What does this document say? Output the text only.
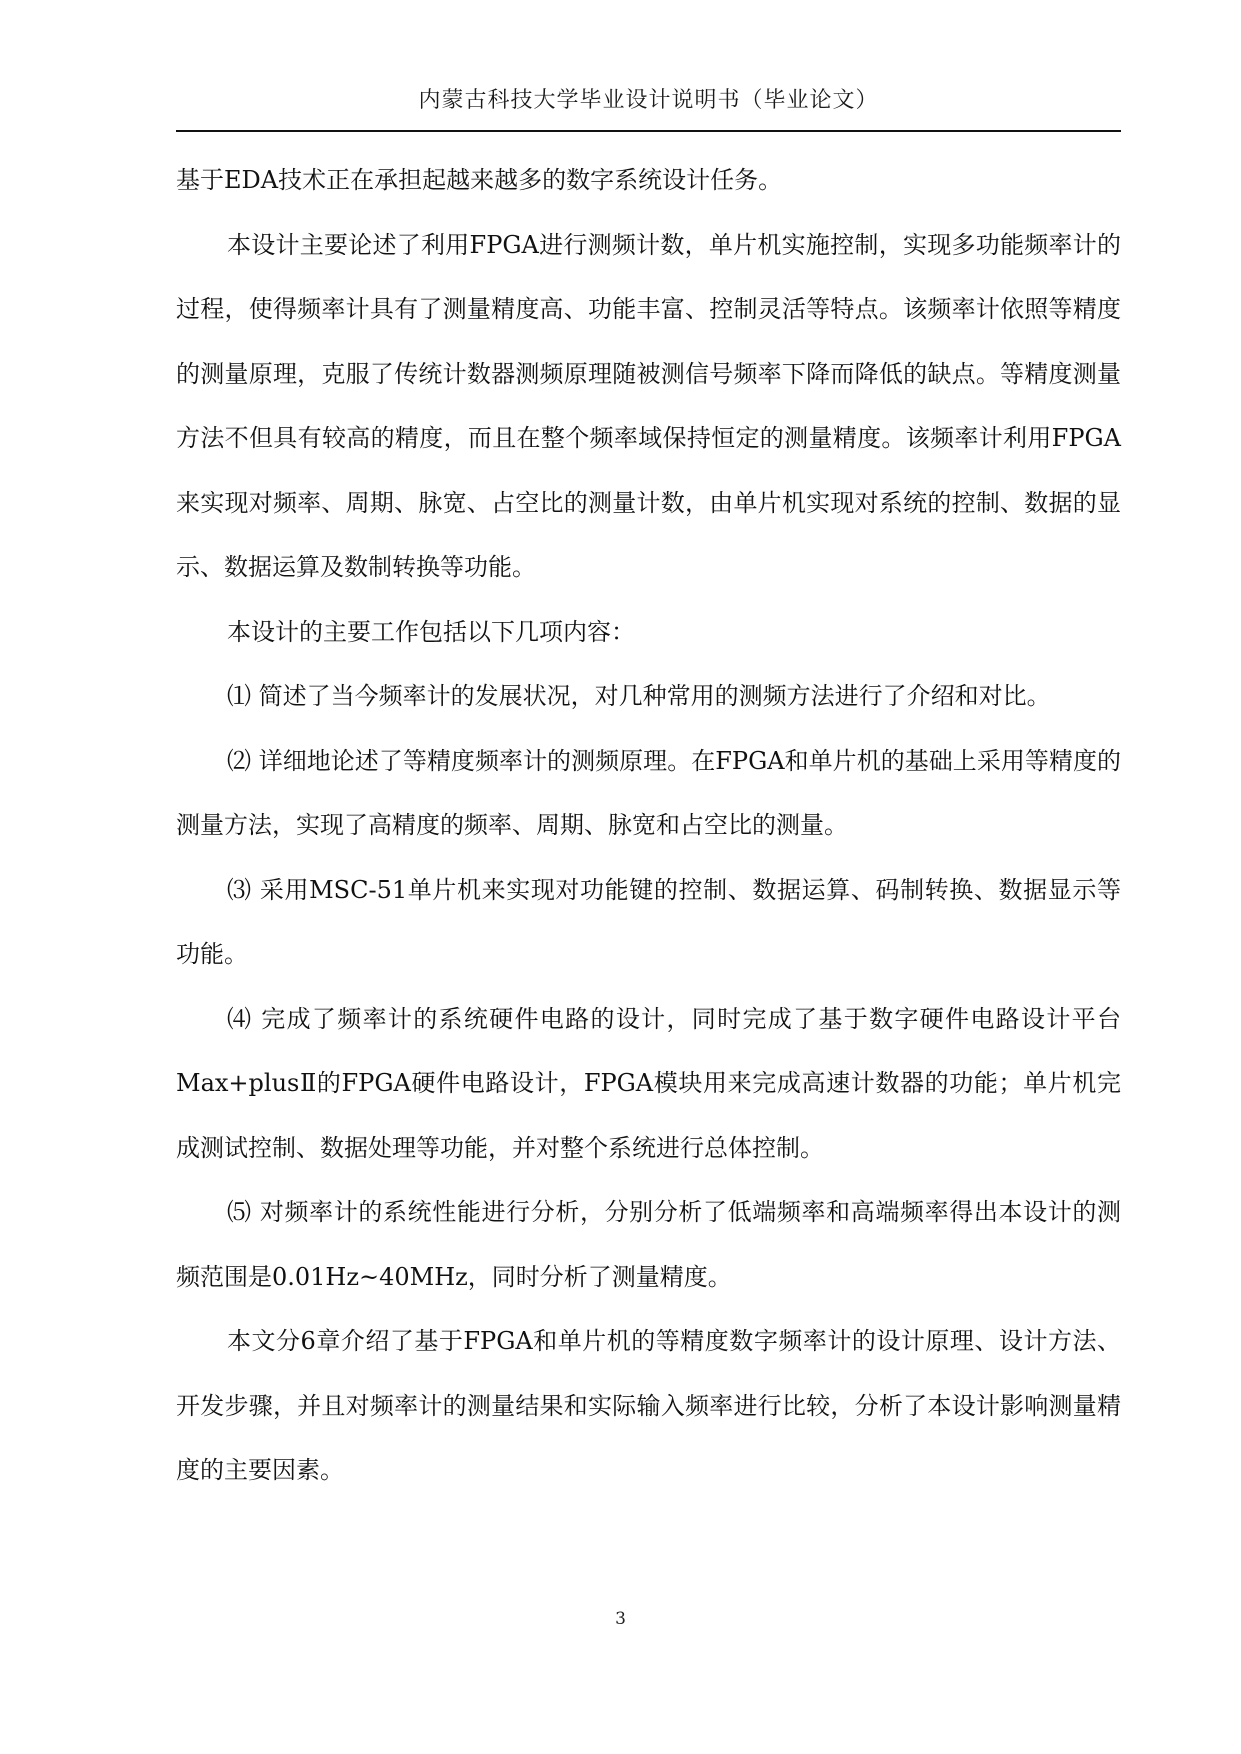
内蒙古科技大学毕业设计说明书（毕业论文）

基于EDA技术正在承担起越来越多的数字系统设计任务。

本设计主要论述了利用FPGA进行测频计数，单片机实施控制，实现多功能频率计的过程，使得频率计具有了测量精度高、功能丰富、控制灵活等特点。该频率计依照等精度的测量原理，克服了传统计数器测频原理随被测信号频率下降而降低的缺点。等精度测量方法不但具有较高的精度，而且在整个频率域保持恒定的测量精度。该频率计利用FPGA来实现对频率、周期、脉宽、占空比的测量计数，由单片机实现对系统的控制、数据的显示、数据运算及数制转换等功能。

本设计的主要工作包括以下几项内容：

⑴ 简述了当今频率计的发展状况，对几种常用的测频方法进行了介绍和对比。

⑵ 详细地论述了等精度频率计的测频原理。在FPGA和单片机的基础上采用等精度的测量方法，实现了高精度的频率、周期、脉宽和占空比的测量。

⑶ 采用MSC-51单片机来实现对功能键的控制、数据运算、码制转换、数据显示等功能。

⑷ 完成了频率计的系统硬件电路的设计，同时完成了基于数字硬件电路设计平台Max+plusⅡ的FPGA硬件电路设计，FPGA模块用来完成高速计数器的功能；单片机完成测试控制、数据处理等功能，并对整个系统进行总体控制。

⑸ 对频率计的系统性能进行分析，分别分析了低端频率和高端频率得出本设计的测频范围是0.01Hz~40MHz，同时分析了测量精度。

本文分6章介绍了基于FPGA和单片机的等精度数字频率计的设计原理、设计方法、开发步骤，并且对频率计的测量结果和实际输入频率进行比较，分析了本设计影响测量精度的主要因素。

3
